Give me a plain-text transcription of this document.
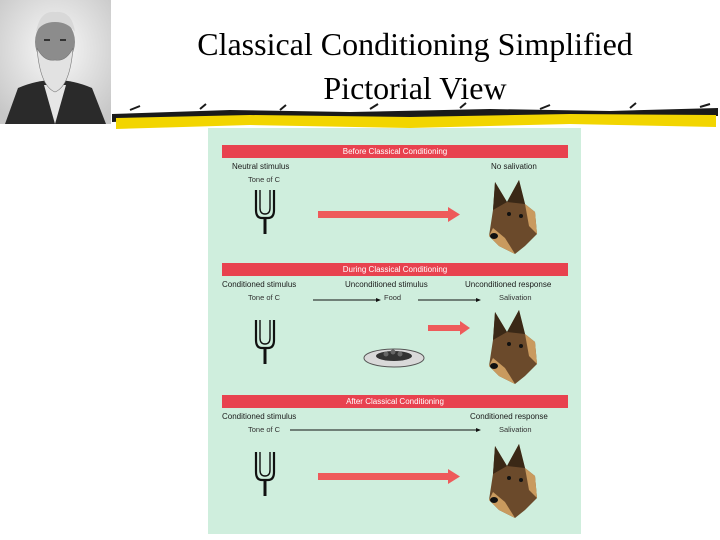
Classical Conditioning Simplified
Pictorial View
Before Classical Conditioning
During Classical Conditioning
After Classical Conditioning
Neutral stimulus
Tone of C
No salivation
Conditioned stimulus
Tone of C
Unconditioned stimulus
Food
Unconditioned response
Salivation
Conditioned stimulus
Tone of C
Conditioned response
Salivation
